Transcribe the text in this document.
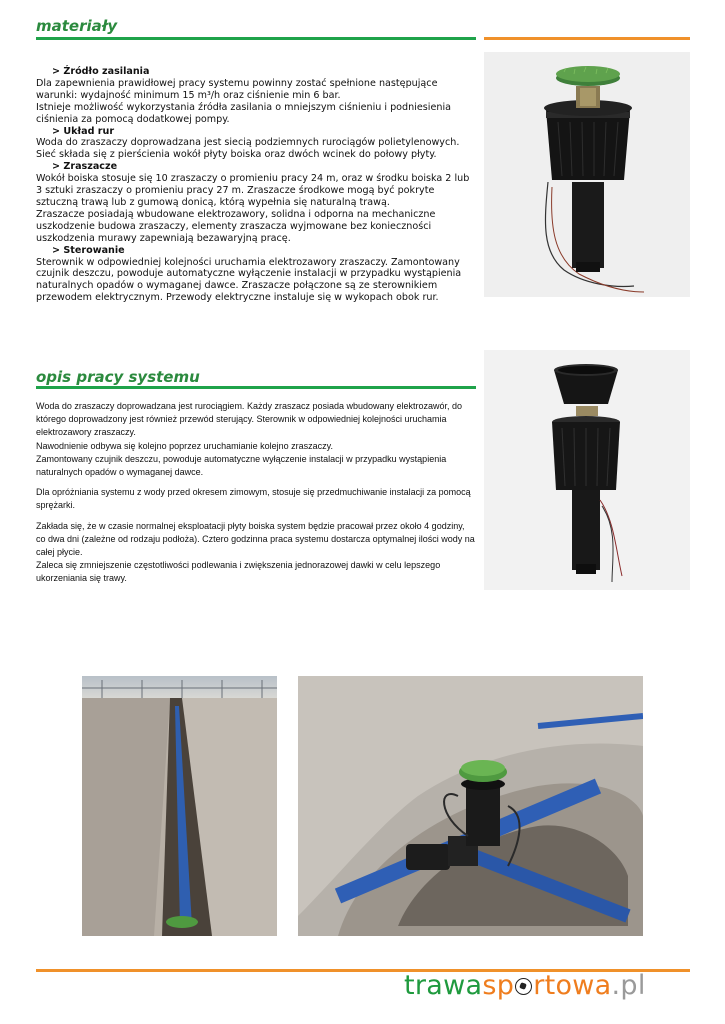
materiały

> Źródło zasilania

Dla zapewnienia prawidłowej pracy systemu powinny zostać spełnione następujące warunki: wydajność minimum 15 m³/h oraz ciśnienie min 6 bar.

Istnieje możliwość wykorzystania źródła zasilania o mniejszym ciśnieniu i podniesienia ciśnienia za pomocą dodatkowej pompy.

> Układ rur

Woda do zraszaczy doprowadzana jest siecią podziemnych rurociągów polietylenowych. Sieć składa się z pierścienia wokół płyty boiska oraz dwóch wcinek do połowy płyty.

> Zraszacze

Wokół boiska stosuje się 10 zraszaczy o promieniu pracy 24 m, oraz w środku boiska 2 lub 3 sztuki zraszaczy o promieniu pracy 27 m. Zraszacze środkowe mogą być pokryte sztuczną trawą lub z gumową donicą, którą wypełnia się naturalną trawą.

Zraszacze posiadają wbudowane elektrozawory, solidna i odporna na mechaniczne uszkodzenie budowa zraszaczy, elementy zraszacza wyjmowane bez konieczności uszkodzenia murawy zapewniają bezawaryjną pracę.

> Sterowanie

Sterownik w odpowiedniej kolejności uruchamia elektrozawory zraszaczy. Zamontowany czujnik deszczu, powoduje automatyczne wyłączenie instalacji w przypadku wystąpienia naturalnych opadów o wymaganej dawce. Zraszacze połączone są ze sterownikiem przewodem elektrycznym. Przewody elektryczne instaluje się w wykopach obok rur.

opis pracy systemu

Woda do zraszaczy doprowadzana jest rurociągiem. Każdy zraszacz posiada wbudowany elektrozawór, do którego doprowadzony jest również przewód sterujący. Sterownik w odpowiedniej kolejności uruchamia elektrozawory zraszaczy.

Nawodnienie odbywa się kolejno poprzez uruchamianie kolejno zraszaczy.

Zamontowany czujnik deszczu, powoduje automatyczne wyłączenie instalacji w przypadku wystąpienia naturalnych opadów o wymaganej dawce.

Dla opróżniania systemu z wody przed okresem zimowym, stosuje się przedmuchiwanie instalacji za pomocą sprężarki.

Zakłada się, że w czasie normalnej eksploatacji płyty boiska system będzie pracował przez około 4 godziny, co dwa dni (zależne od rodzaju podłoża). Cztero godzinna praca systemu dostarcza optymalnej ilości wody na całej płycie.

Zaleca się zmniejszenie częstotliwości podlewania i zwiększenia jednorazowej dawki w celu lepszego ukorzeniania się trawy.

trawasp rtowa.pl
